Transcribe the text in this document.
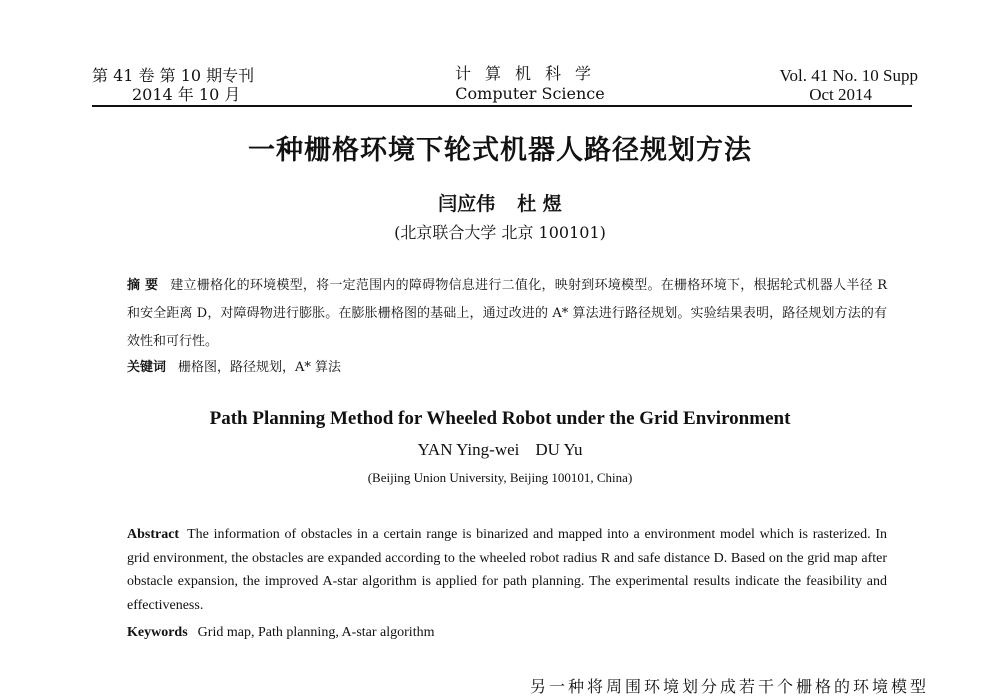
第 41 卷 第 10 期专刊
2014 年 10 月
计算机科学
Computer Science
Vol. 41 No. 10 Supp
Oct 2014
一种栅格环境下轮式机器人路径规划方法
闫应伟 杜 煜
(北京联合大学 北京 100101)
摘 要 建立栅格化的环境模型，将一定范围内的障碍物信息进行二值化，映射到环境模型。在栅格环境下，根据轮式机器人半径 R 和安全距离 D，对障碍物进行膨胀。在膨胀栅格图的基础上，通过改进的 A* 算法进行路径规划。实验结果表明，路径规划方法的有效性和可行性。
关键词 栅格图，路径规划，A* 算法
Path Planning Method for Wheeled Robot under the Grid Environment
YAN Ying-wei DU Yu
(Beijing Union University, Beijing 100101, China)
Abstract The information of obstacles in a certain range is binarized and mapped into a environment model which is rasterized. In grid environment, the obstacles are expanded according to the wheeled robot radius R and safe distance D. Based on the grid map after obstacle expansion, the improved A-star algorithm is applied for path planning. The experimental results indicate the feasibility and effectiveness.
Keywords Grid map, Path planning, A-star algorithm
另一种将周围环境划分成若干个栅格的环境模型
